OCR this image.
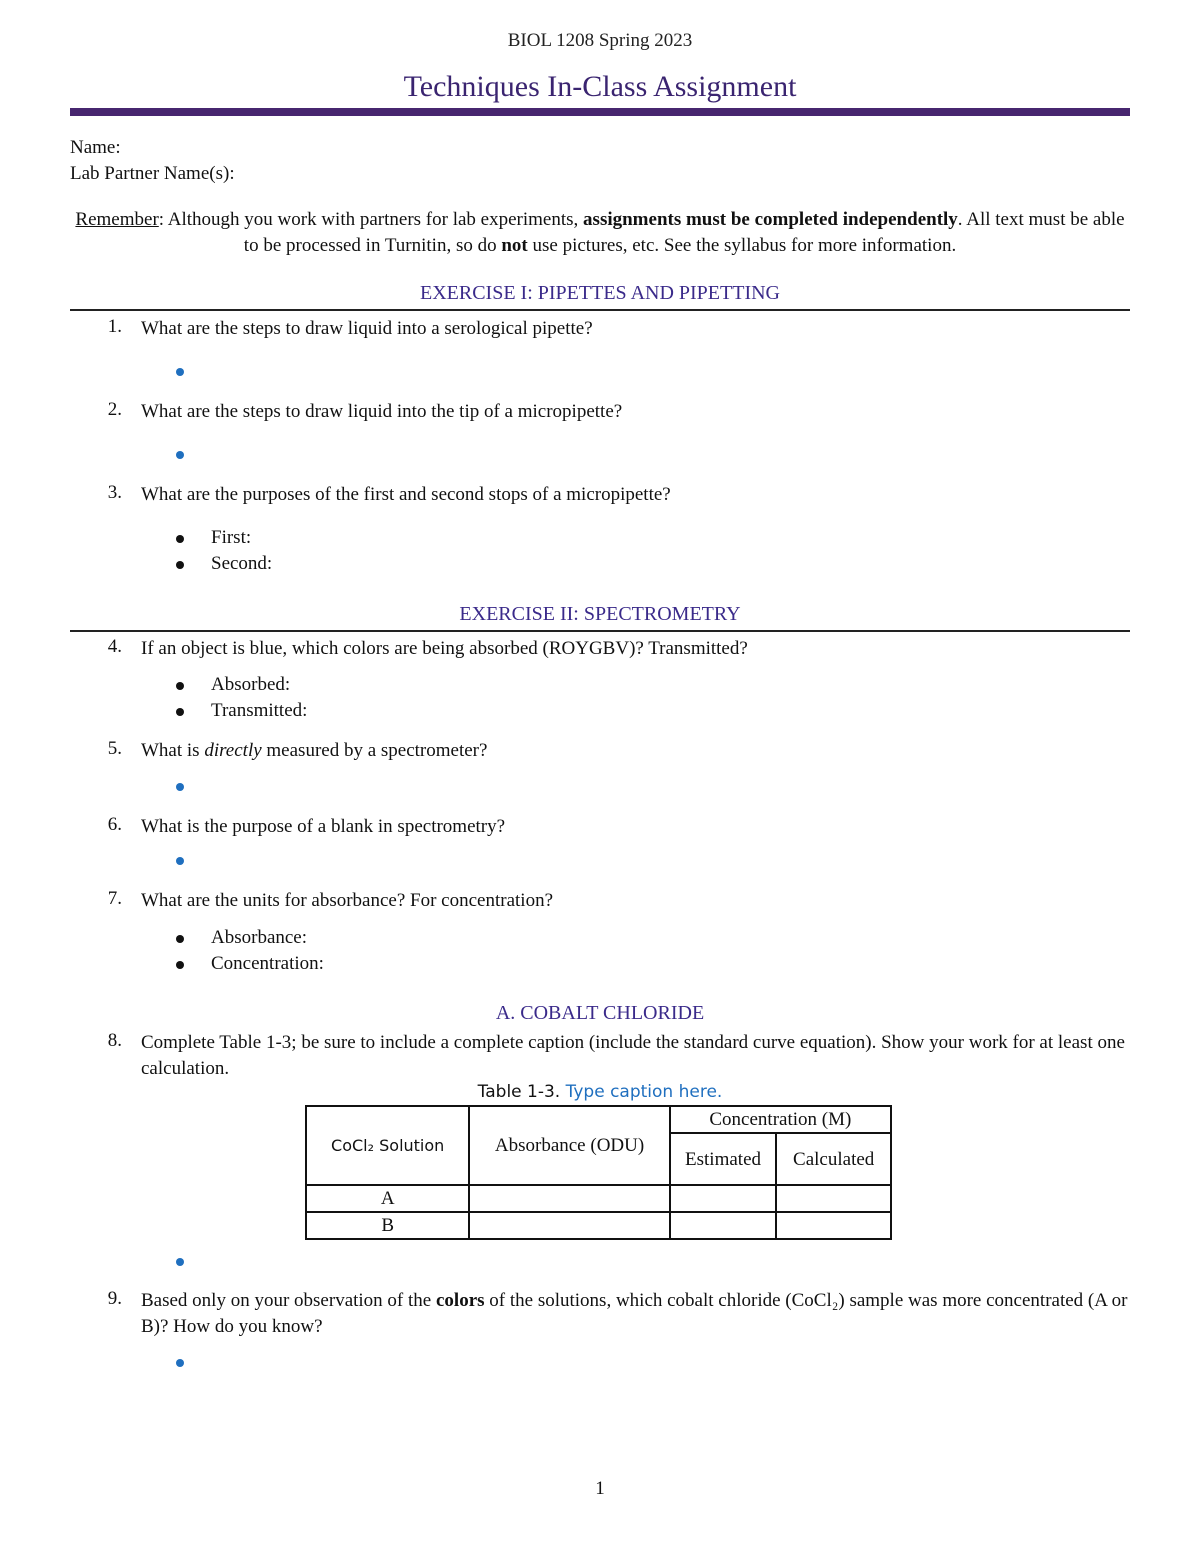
BIOL 1208 Spring 2023
Techniques In-Class Assignment
Name:
Lab Partner Name(s):
Remember: Although you work with partners for lab experiments, assignments must be completed independently. All text must be able to be processed in Turnitin, so do not use pictures, etc. See the syllabus for more information.
EXERCISE I: PIPETTES AND PIPETTING
1. What are the steps to draw liquid into a serological pipette?
2. What are the steps to draw liquid into the tip of a micropipette?
3. What are the purposes of the first and second stops of a micropipette?
First:
Second:
EXERCISE II: SPECTROMETRY
4. If an object is blue, which colors are being absorbed (ROYGBV)? Transmitted?
Absorbed:
Transmitted:
5. What is directly measured by a spectrometer?
6. What is the purpose of a blank in spectrometry?
7. What are the units for absorbance? For concentration?
Absorbance:
Concentration:
A. COBALT CHLORIDE
8. Complete Table 1-3; be sure to include a complete caption (include the standard curve equation). Show your work for at least one calculation.
Table 1-3. Type caption here.
CoCl₂ Solution	Absorbance (ODU)	Concentration (M)	
		Estimated	Calculated
A			
B			
9. Based only on your observation of the colors of the solutions, which cobalt chloride (CoCl₂) sample was more concentrated (A or B)? How do you know?
1
